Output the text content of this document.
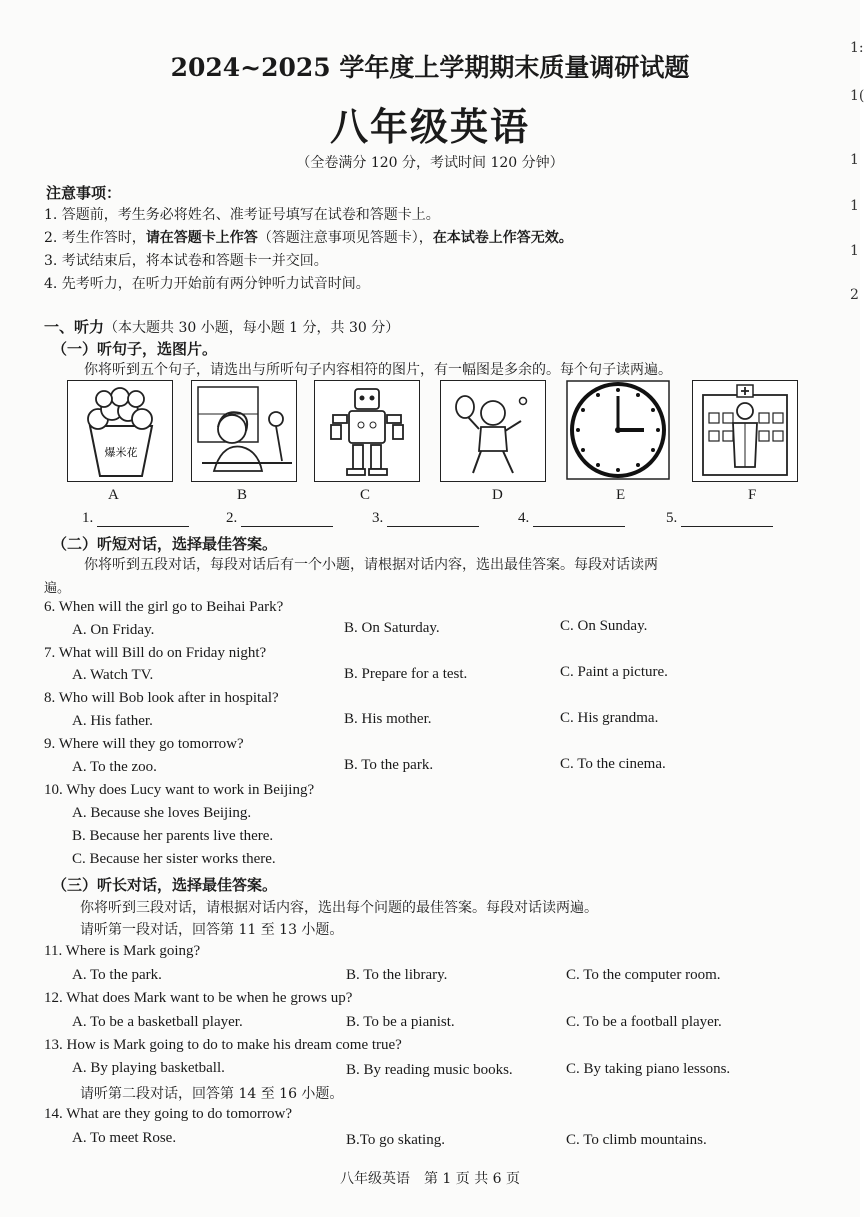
2024~2025 学年度上学期期末质量调研试题
八年级英语
（全卷满分 120 分，考试时间 120 分钟）
注意事项：
1. 答题前，考生务必将姓名、准考证号填写在试卷和答题卡上。
2. 考生作答时，请在答题卡上作答（答题注意事项见答题卡），在本试卷上作答无效。
3. 考试结束后，将本试卷和答题卡一并交回。
4. 先考听力，在听力开始前有两分钟听力试音时间。
一、听力（本大题共 30 小题，每小题 1 分，共 30 分）
（一）听句子，选图片。
你将听到五个句子，请选出与所听句子内容相符的图片，有一幅图是多余的。每个句子读两遍。
爆米花
A	B	C	D	E	F
1.	2.	3.	4.	5.
（二）听短对话，选择最佳答案。
你将听到五段对话，每段对话后有一个小题，请根据对话内容，选出最佳答案。每段对话读两
遍。
6. When will the girl go to Beihai Park?
A. On Friday.	B. On Saturday.	C. On Sunday.
7. What will Bill do on Friday night?
A. Watch TV.	B. Prepare for a test.	C. Paint a picture.
8. Who will Bob look after in hospital?
A. His father.	B. His mother.	C. His grandma.
9. Where will they go tomorrow?
A. To the zoo.	B. To the park.	C. To the cinema.
10. Why does Lucy want to work in Beijing?
A. Because she loves Beijing.
B. Because her parents live there.
C. Because her sister works there.
（三）听长对话，选择最佳答案。
你将听到三段对话，请根据对话内容，选出每个问题的最佳答案。每段对话读两遍。
请听第一段对话，回答第 11 至 13 小题。
11. Where is Mark going?
A. To the park.	B. To the library.	C. To the computer room.
12. What does Mark want to be when he grows up?
A. To be a basketball player.	B. To be a pianist.	C. To be a football player.
13. How is Mark going to do to make his dream come true?
A. By playing basketball.	B. By reading music books.	C. By taking piano lessons.
请听第二段对话，回答第 14 至 16 小题。
14. What are they going to do tomorrow?
A. To meet Rose.	B.To go skating.	C. To climb mountains.
八年级英语　第 1 页 共 6 页
1:
1(
1
1
1
2
